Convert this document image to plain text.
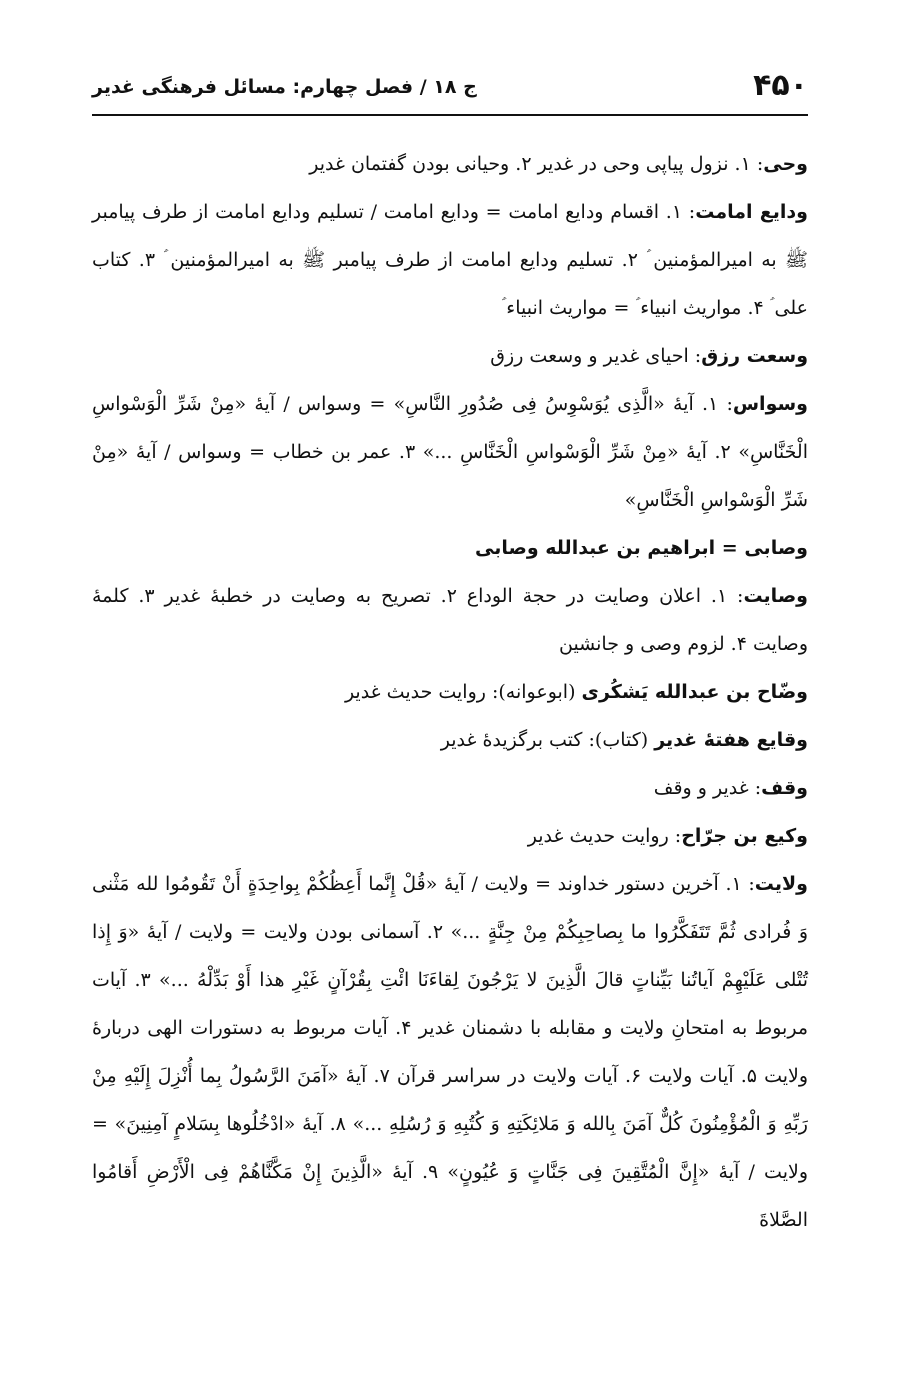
۴۵۰
ج ۱۸ / فصل چهارم: مسائل فرهنگی غدیر

وحی: ۱. نزول پیاپی وحی در غدیر ۲. وحیانی بودن گفتمان غدیر

ودایع امامت: ۱. اقسام ودایع امامت = ودایع امامت / تسلیم ودایع امامت از طرف پیامبر ﷺ به امیرالمؤمنین ؑ ۲. تسلیم ودایع امامت از طرف پیامبر ﷺ به امیرالمؤمنین ؑ ۳. کتاب علی ؑ ۴. مواریث انبیاء ؑ = مواریث انبیاء ؑ

وسعت رزق: احیای غدیر و وسعت رزق

وسواس: ۱. آیهٔ «الَّذِی یُوَسْوِسُ فِی صُدُورِ النَّاسِ» = وسواس / آیهٔ «مِنْ شَرِّ الْوَسْواسِ الْخَنَّاسِ» ۲. آیهٔ «مِنْ شَرِّ الْوَسْواسِ الْخَنَّاسِ ...» ۳. عمر بن خطاب = وسواس / آیهٔ «مِنْ شَرِّ الْوَسْواسِ الْخَنَّاسِ»

وصابی = ابراهیم بن عبدالله وصابی

وصایت: ۱. اعلان وصایت در حجة الوداع ۲. تصریح به وصایت در خطبهٔ غدیر ۳. کلمهٔ وصایت ۴. لزوم وصی و جانشین

وضّاح بن عبدالله یَشکُری (ابوعوانه): روایت حدیث غدیر

وقایع هفتهٔ غدیر (کتاب): کتب برگزیدهٔ غدیر

وقف: غدیر و وقف

وکیع بن جرّاح: روایت حدیث غدیر

ولایت: ۱. آخرین دستور خداوند = ولایت / آیهٔ «قُلْ إِنَّما أَعِظُکُمْ بِواحِدَةٍ أَنْ تَقُومُوا لله مَثْنی وَ فُرادی ثُمَّ تَتَفَکَّرُوا ما بِصاحِبِکُمْ مِنْ جِنَّةٍ ...» ۲. آسمانی بودن ولایت = ولایت / آیهٔ «وَ إِذا تُتْلی عَلَیْهِمْ آیاتُنا بَیِّناتٍ قالَ الَّذِینَ لا یَرْجُونَ لِقاءَنَا ائْتِ بِقُرْآنٍ غَیْرِ هذا أَوْ بَدِّلْهُ ...» ۳. آیات مربوط به امتحانِ ولایت و مقابله با دشمنان غدیر ۴. آیات مربوط به دستورات الهی دربارهٔ ولایت ۵. آیات ولایت ۶. آیات ولایت در سراسر قرآن ۷. آیهٔ «آمَنَ الرَّسُولُ بِما أُنْزِلَ إِلَیْهِ مِنْ رَبِّهِ وَ الْمُؤْمِنُونَ کُلٌّ آمَنَ بِالله وَ مَلائِکَتِهِ وَ کُتُبِهِ وَ رُسُلِهِ ...» ۸. آیهٔ «ادْخُلُوها بِسَلامٍ آمِنِینَ» = ولایت / آیهٔ «إِنَّ الْمُتَّقِینَ فِی جَنَّاتٍ وَ عُیُونٍ» ۹. آیهٔ «الَّذِینَ إِنْ مَکَّنَّاهُمْ فِی الْأَرْضِ أَقامُوا الصَّلاةَ
